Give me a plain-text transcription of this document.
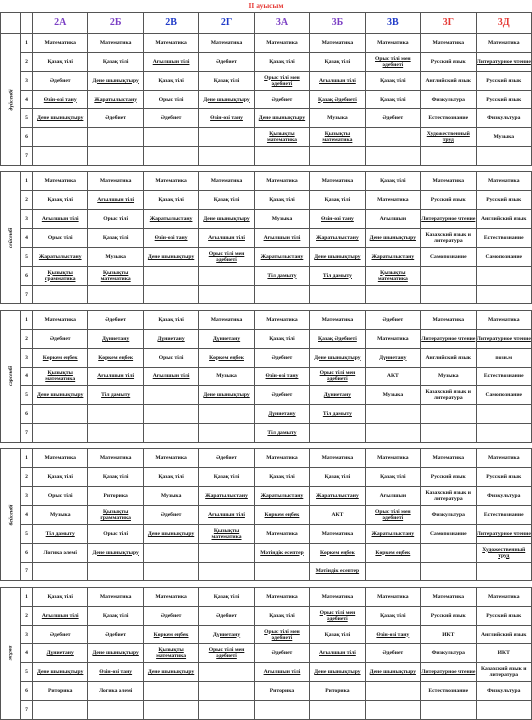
II ауысым
		2А	2Б	2В	2Г	3А	3Б	3В	3Г	3Д
дүйсенбі	1	Математика	Математика	Математика	Математика	Математика	Математика	Математика	Математика	Математика
	2	Қазақ тілі	Қазақ тілі	Ағылшын тілі	Әдебиет	Қазақ тілі	Қазақ тілі	Орыс тілі мен әдебиеті	Русский язык	Литературное чтение
	3	Әдебиет	Дене шынықтыру	Қазақ тілі	Қазақ тілі	Орыс тілі мен әдебиеті	Ағылшын тілі	Қазақ тілі	Английский язык	Русский язык
	4	Өзін-өзі тану	Жаратылыстану	Орыс тілі	Дене шынықтыру	Әдебиет	Қазақ Әдебиеті	Қазақ тілі	Физкультура	Русский язык
	5	Дене шынықтыру	Әдебиет	Әдебиет	Өзін-өзі тану	Дене шынықтыру	Музыка	Әдебиет	Естествознание	Физкультура
	6					Қызықты математика	Қызықты математика		Художественный труд	Музыка
	7									

сейсенбі	1	Математика	Математика	Математика	Математика	Математика	Математика	Қазақ тілі	Математика	Математика
	2	Қазақ тілі	Ағылшын тілі	Қазақ тілі	Қазақ тілі	Қазақ тілі	Қазақ тілі	Математика	Русский язык	Русский язык
	3	Ағылшын тілі	Орыс тілі	Жаратылыстану	Дене шынықтыру	Музыка	Өзін-өзі тану	Ағылшын	Литературное чтение	Английский язык
	4	Орыс тілі	Қазақ тілі	Өзін-өзі тану	Ағылшын тілі	Ағылшын тілі	Жаратылыстану	Дене шынықтыру	Казахский язык и литература	Естествознание
	5	Жаратылыстану	Музыка	Дене шынықтыру	Орыс тілі мен әдебиеті	Жаратылыстану	Дене шынықтыру	Жаратылыстану	Самопознание	Самопознание
	6	Қызықты грамматика	Қызықты математика			Тіл дамыту	Тіл дамыту	Қызықты математика		
	7									

сәрсенбі	1	Математика	Әдебиет	Қазақ тілі	Математика	Математика	Математика	Әдебиет	Математика	Математика
	2	Әдебиет	Дүниетану	Дүниетану	Дүниетану	Қазақ тілі	Қазақ Әдебиеті	Математика	Литературное чтение	Литературное чтение
	3	Көркем еңбек	Көркем еңбек	Орыс тілі	Көркем еңбек	Әдебиет	Дене шынықтыру	Дүниетану	Английский язык	позн.м
	4	Қызықты математика	Ағылшын тілі	Ағылшын тілі	Музыка	Өзін-өзі тану	Орыс тілі мен әдебиеті	АКТ	Музыка	Естествознание
	5	Дене шынықтыру	Тіл дамыту		Дене шынықтыру	Әдебиет	Дүниетану	Музыка	Казахский язык и литература	Самопознание
	6					Дүниетану	Тіл дамыту			
	7					Тіл дамыту				

бейсенбі	1	Математика	Математика	Математика	Әдебиет	Математика	Математика	Математика	Математика	Математика
	2	Қазақ тілі	Қазақ тілі	Қазақ тілі	Қазақ тілі	Қазақ тілі	Қазақ тілі	Қазақ тілі	Русский язык	Русский язык
	3	Орыс тілі	Риторика	Музыка	Жаратылыстану	Жаратылыстану	Жаратылыстану	Ағылшын	Казахский язык и литература	Физкультура
	4	Музыка	Қызықты грамматика	Әдебиет	Ағылшын тілі	Көркем еңбек	АКТ	Орыс тілі мен әдебиеті	Физкультура	Естествознание
	5	Тіл дамыту	Орыс тілі	Дене шынықтыру	Қызықты математика	Математика	Математика	Жаратылыстану	Самопознание	Литературное чтение
	6	Логика әлемі	Дене шынықтыру			Мәтіндік есептер	Көркем еңбек	Көркем еңбек		Художественный труд
	7						Мәтіндік есептер			

жұма	1	Қазақ тілі	Математика	Математика	Қазақ тілі	Математика	Математика	Математика	Математика	Математика
	2	Ағылшын тілі	Қазақ тілі	Әдебиет	Әдебиет	Қазақ тілі	Орыс тілі мен әдебиеті	Қазақ тілі	Русский язык	Русский язык
	3	Әдебиет	Әдебиет	Көркем еңбек	Дүниетану	Орыс тілі мен әдебиеті	Қазақ тілі	Өзін-өзі тану	ИКТ	Английский язык
	4	Дүниетану	Дене шынықтыру	Қызықты математика	Орыс тілі мен әдебиеті	Әдебиет	Ағылшын тілі	Әдебиет	Физкультура	ИКТ
	5	Дене шынықтыру	Өзін-өзі тану	Дене шынықтыру		Ағылшын тілі	Дене шынықтыру	Дене шынықтыру	Литературное чтение	Казахский язык и литература
	6	Риторика	Логика әлемі			Риторика	Риторика		Естествознание	Физкультура
	7									
